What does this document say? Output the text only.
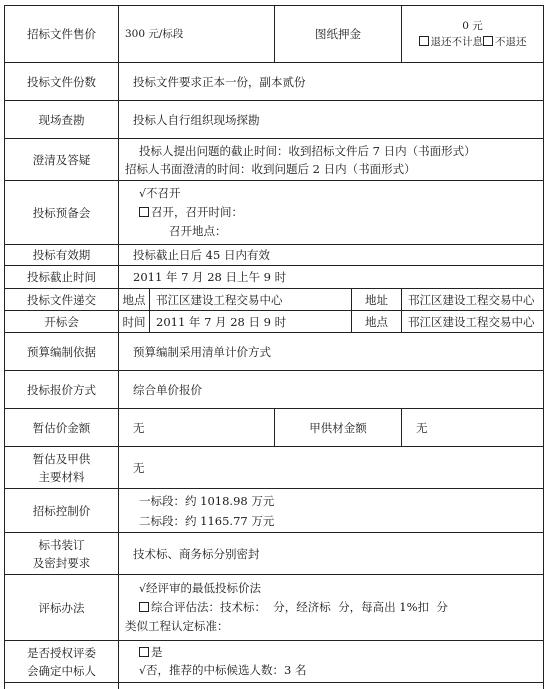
招标文件售价	300 元/标段		图纸押金		0 元
退还不计息 不退还

投标文件份数	投标文件要求正本一份，副本贰份				
现场查勘	投标人自行组织现场探勘				
澄清及答疑	投标人提出问题的截止时间：收到招标文件后 7 日内（书面形式）
招标人书面澄清的时间：收到问题后 2 日内（书面形式）				

投标预备会	√不召开
召开，召开时间：
召开地点：				

投标有效期	投标截止日后 45 日内有效				
投标截止时间	2011 年 7 月 28 日上午 9 时				
投标文件递交	地点	邗江区建设工程交易中心		地址	邗江区建设工程交易中心
开标会	时间	2011 年 7 月 28 日 9 时		地点	邗江区建设工程交易中心
预算编制依据	预算编制采用清单计价方式				
投标报价方式	综合单价报价				
暂估价金额	无		甲供材金额		无

暂估及甲供
主要材料	无				
招标控制价	一标段：约 1018.98 万元
二标段：约 1165.77 万元				

标书装订
及密封要求	技术标、商务标分别密封				
评标办法	√经评审的最低投标价法
综合评估法：技术标：  分，经济标  分，每高出 1%扣  分
类似工程认定标准：				

是否授权评委
会确定中标人	是
√否，推荐的中标候选人数：3 名				
